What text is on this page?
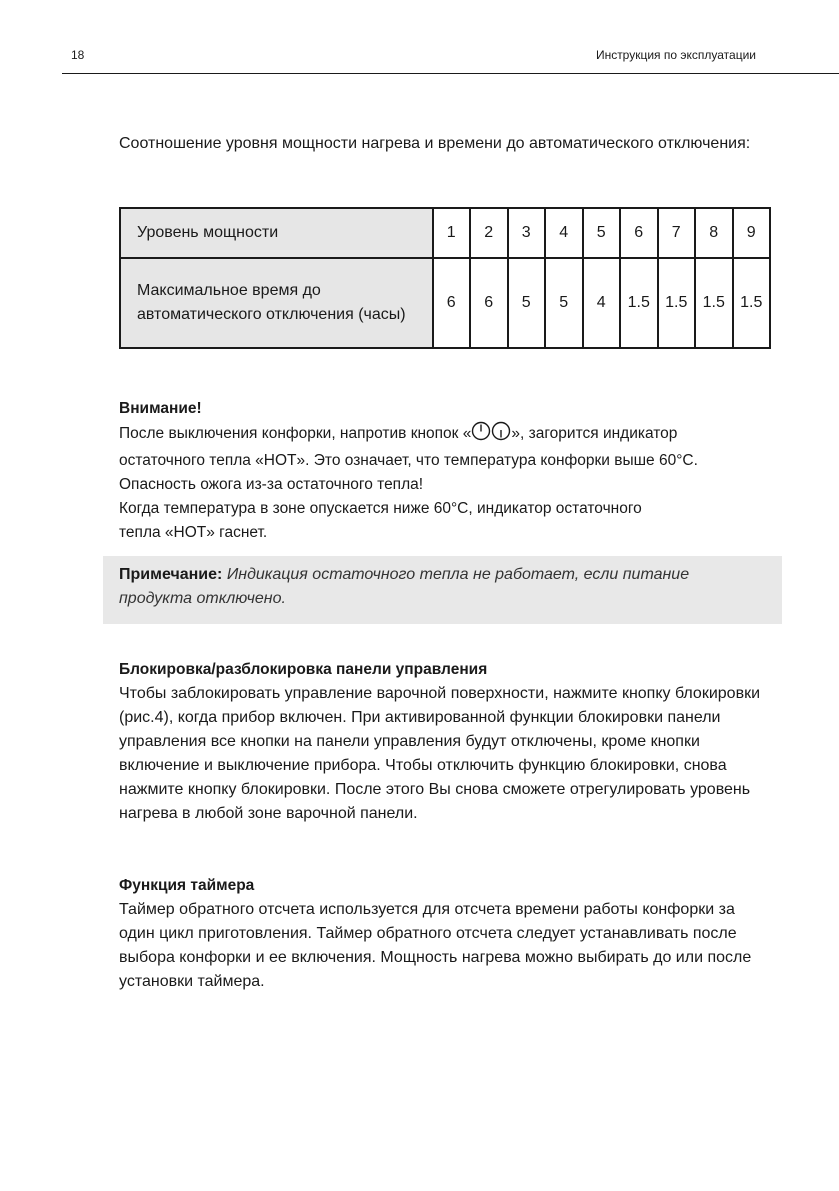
18	Инструкция по эксплуатации

Соотношение уровня мощности нагрева и времени до автоматического отключения:

Уровень мощности	1	2	3	4	5	6	7	8	9
Максимальное время до автоматического отключения (часы)	6	6	5	5	4	1.5	1.5	1.5	1.5
Внимание!
После выключения конфорки, напротив кнопок «	», загорится индикатор
остаточного тепла «HOT». Это означает, что температура конфорки выше 60°С.
Опасность ожога из-за остаточного тепла!
Когда температура в зоне опускается ниже 60°С, индикатор остаточного
тепла «HOT» гаснет.

Примечание: Индикация остаточного тепла не работает, если питание продукта отключено.

Блокировка/разблокировка панели управления

Чтобы заблокировать управление варочной поверхности, нажмите кнопку блокировки (рис.4), когда прибор включен. При активированной функции блокировки панели управления все кнопки на панели управления будут отключены, кроме кнопки включение и выключение прибора. Чтобы отключить функцию блокировки, снова нажмите кнопку блокировки. После этого Вы снова сможете отрегулировать уровень нагрева в любой зоне варочной панели.

Функция таймера

Таймер обратного отсчета используется для отсчета времени работы конфорки за один цикл приготовления. Таймер обратного отсчета следует устанавливать после выбора конфорки и ее включения. Мощность нагрева можно выбирать до или после установки таймера.
